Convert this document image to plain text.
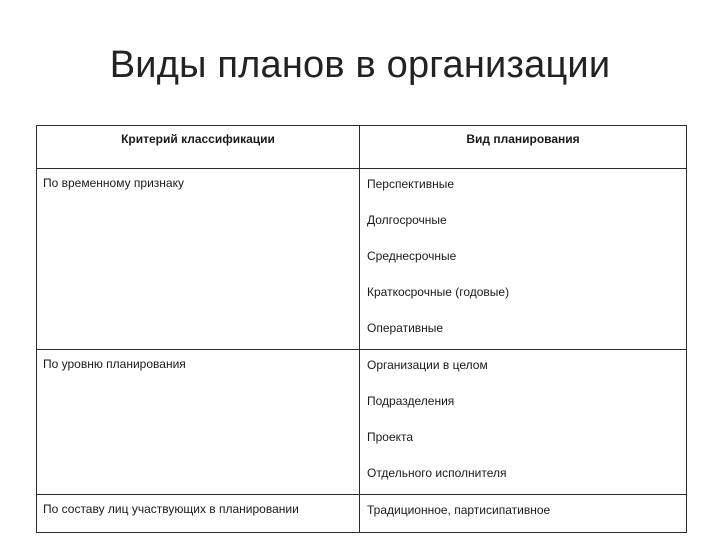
Виды планов в организации
Критерий классификации	Вид планирования
По временному признаку	Перспективные
Долгосрочные
Среднесрочные
Краткосрочные (годовые)
Оперативные

По уровню планирования	Организации в целом
Подразделения
Проекта
Отдельного исполнителя

По составу лиц участвующих в планировании	Традиционное, партисипативное
